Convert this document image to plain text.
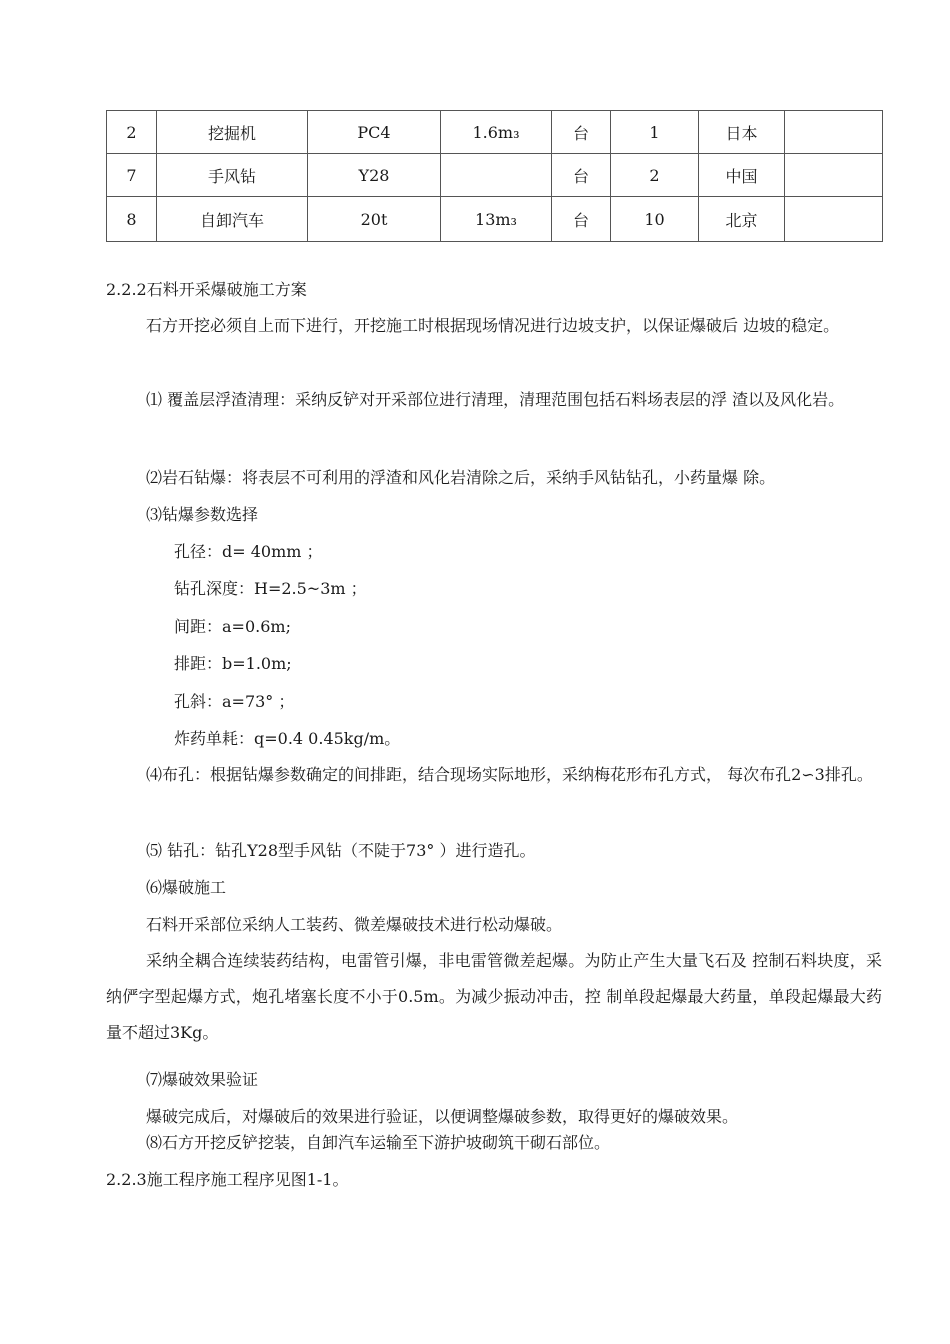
2	挖掘机	PC4	1.6m₃	台	1	日本	
7	手风钻	Y28		台	2	中国	
8	自卸汽车	20t	13m₃	台	10	北京	
2.2.2石料开采爆破施工方案
石方开挖必须自上而下进行，开挖施工时根据现场情况进行边坡支护，以保证爆破后 边坡的稳定。
⑴ 覆盖层浮渣清理：采纳反铲对开采部位进行清理，清理范围包括石料场表层的浮 渣以及风化岩。
⑵岩石钻爆：将表层不可利用的浮渣和风化岩清除之后，采纳手风钻钻孔，小药量爆 除。
⑶钻爆参数选择
孔径：d= 40mm ；
钻孔深度：H=2.5~3m ；
间距：a=0.6m;
排距：b=1.0m;
孔斜：a=73° ；
炸药单耗：q=0.4 0.45kg/m。
⑷布孔：根据钻爆参数确定的间排距，结合现场实际地形，采纳梅花形布孔方式， 每次布孔2∽3排孔。
⑸ 钻孔：钻孔Y28型手风钻（不陡于73° ）进行造孔。
⑹爆破施工
石料开采部位采纳人工装药、微差爆破技术进行松动爆破。
采纳全耦合连续装药结构，电雷管引爆，非电雷管微差起爆。为防止产生大量飞石及 控制石料块度，采纳俨字型起爆方式，炮孔堵塞长度不小于0.5m。为减少振动冲击，控 制单段起爆最大药量，单段起爆最大药量不超过3Kg。
⑺爆破效果验证
爆破完成后，对爆破后的效果进行验证，以便调整爆破参数，取得更好的爆破效果。
⑻石方开挖反铲挖装，自卸汽车运输至下游护坡砌筑干砌石部位。
2.2.3施工程序施工程序见图1-1。
